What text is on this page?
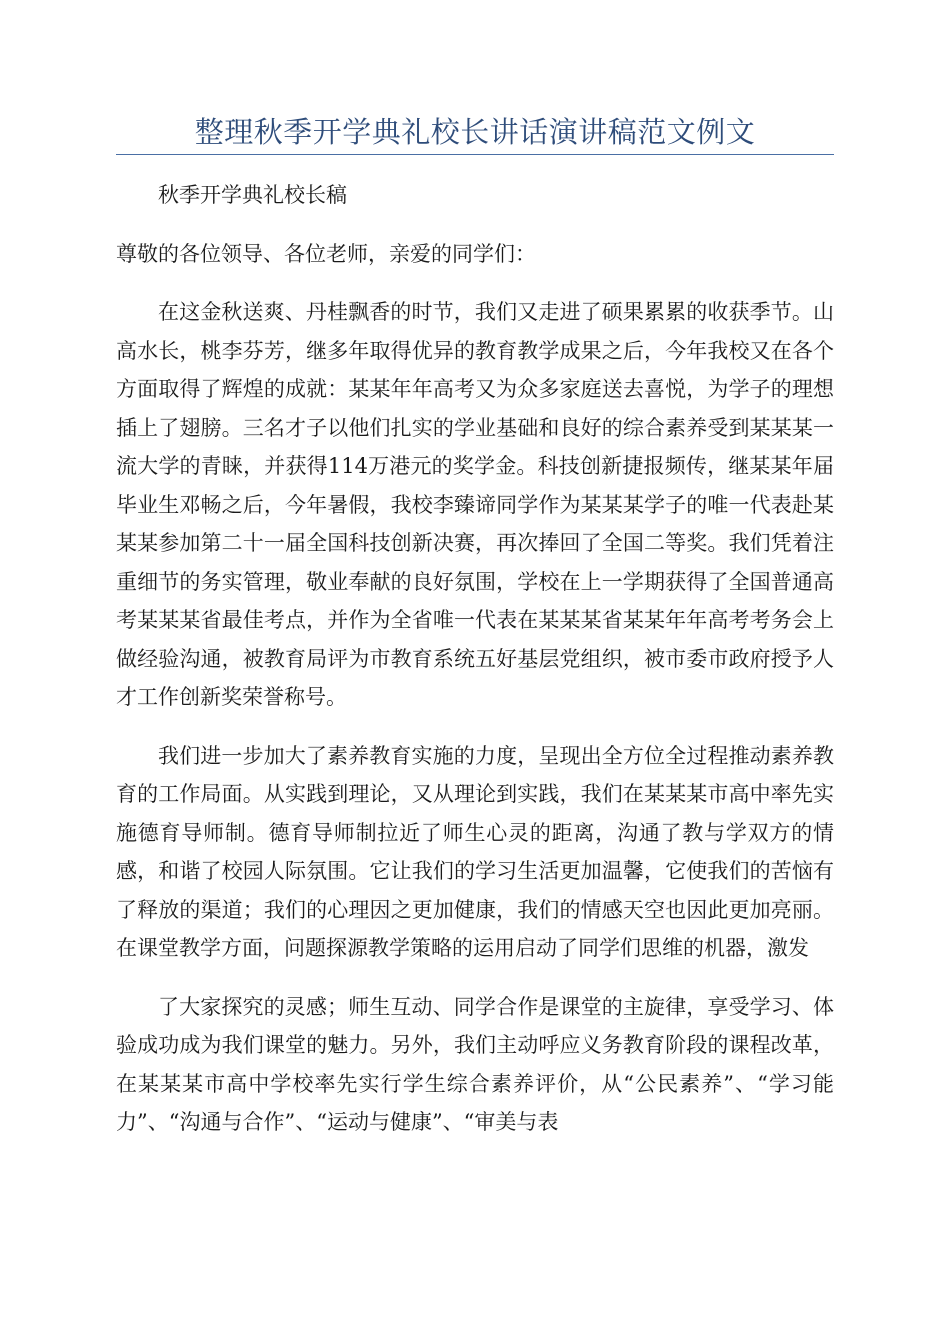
整理秋季开学典礼校长讲话演讲稿范文例文

秋季开学典礼校长稿

尊敬的各位领导、各位老师，亲爱的同学们：

在这金秋送爽、丹桂飘香的时节，我们又走进了硕果累累的收获季节。山高水长，桃李芬芳，继多年取得优异的教育教学成果之后，今年我校又在各个方面取得了辉煌的成就：某某年年高考又为众多家庭送去喜悦，为学子的理想插上了翅膀。三名才子以他们扎实的学业基础和良好的综合素养受到某某某一流大学的青睐，并获得114万港元的奖学金。科技创新捷报频传，继某某年届毕业生邓畅之后，今年暑假，我校李臻谛同学作为某某某学子的唯一代表赴某某某参加第二十一届全国科技创新决赛，再次捧回了全国二等奖。我们凭着注重细节的务实管理，敬业奉献的良好氛围，学校在上一学期获得了全国普通高考某某某省最佳考点，并作为全省唯一代表在某某某省某某年年高考考务会上做经验沟通，被教育局评为市教育系统五好基层党组织，被市委市政府授予人才工作创新奖荣誉称号。

我们进一步加大了素养教育实施的力度，呈现出全方位全过程推动素养教育的工作局面。从实践到理论，又从理论到实践，我们在某某某市高中率先实施德育导师制。德育导师制拉近了师生心灵的距离，沟通了教与学双方的情感，和谐了校园人际氛围。它让我们的学习生活更加温馨，它使我们的苦恼有了释放的渠道；我们的心理因之更加健康，我们的情感天空也因此更加亮丽。在课堂教学方面，问题探源教学策略的运用启动了同学们思维的机器，激发

了大家探究的灵感；师生互动、同学合作是课堂的主旋律，享受学习、体验成功成为我们课堂的魅力。另外，我们主动呼应义务教育阶段的课程改革，在某某某市高中学校率先实行学生综合素养评价，从“公民素养”、“学习能力”、“沟通与合作”、“运动与健康”、“审美与表
